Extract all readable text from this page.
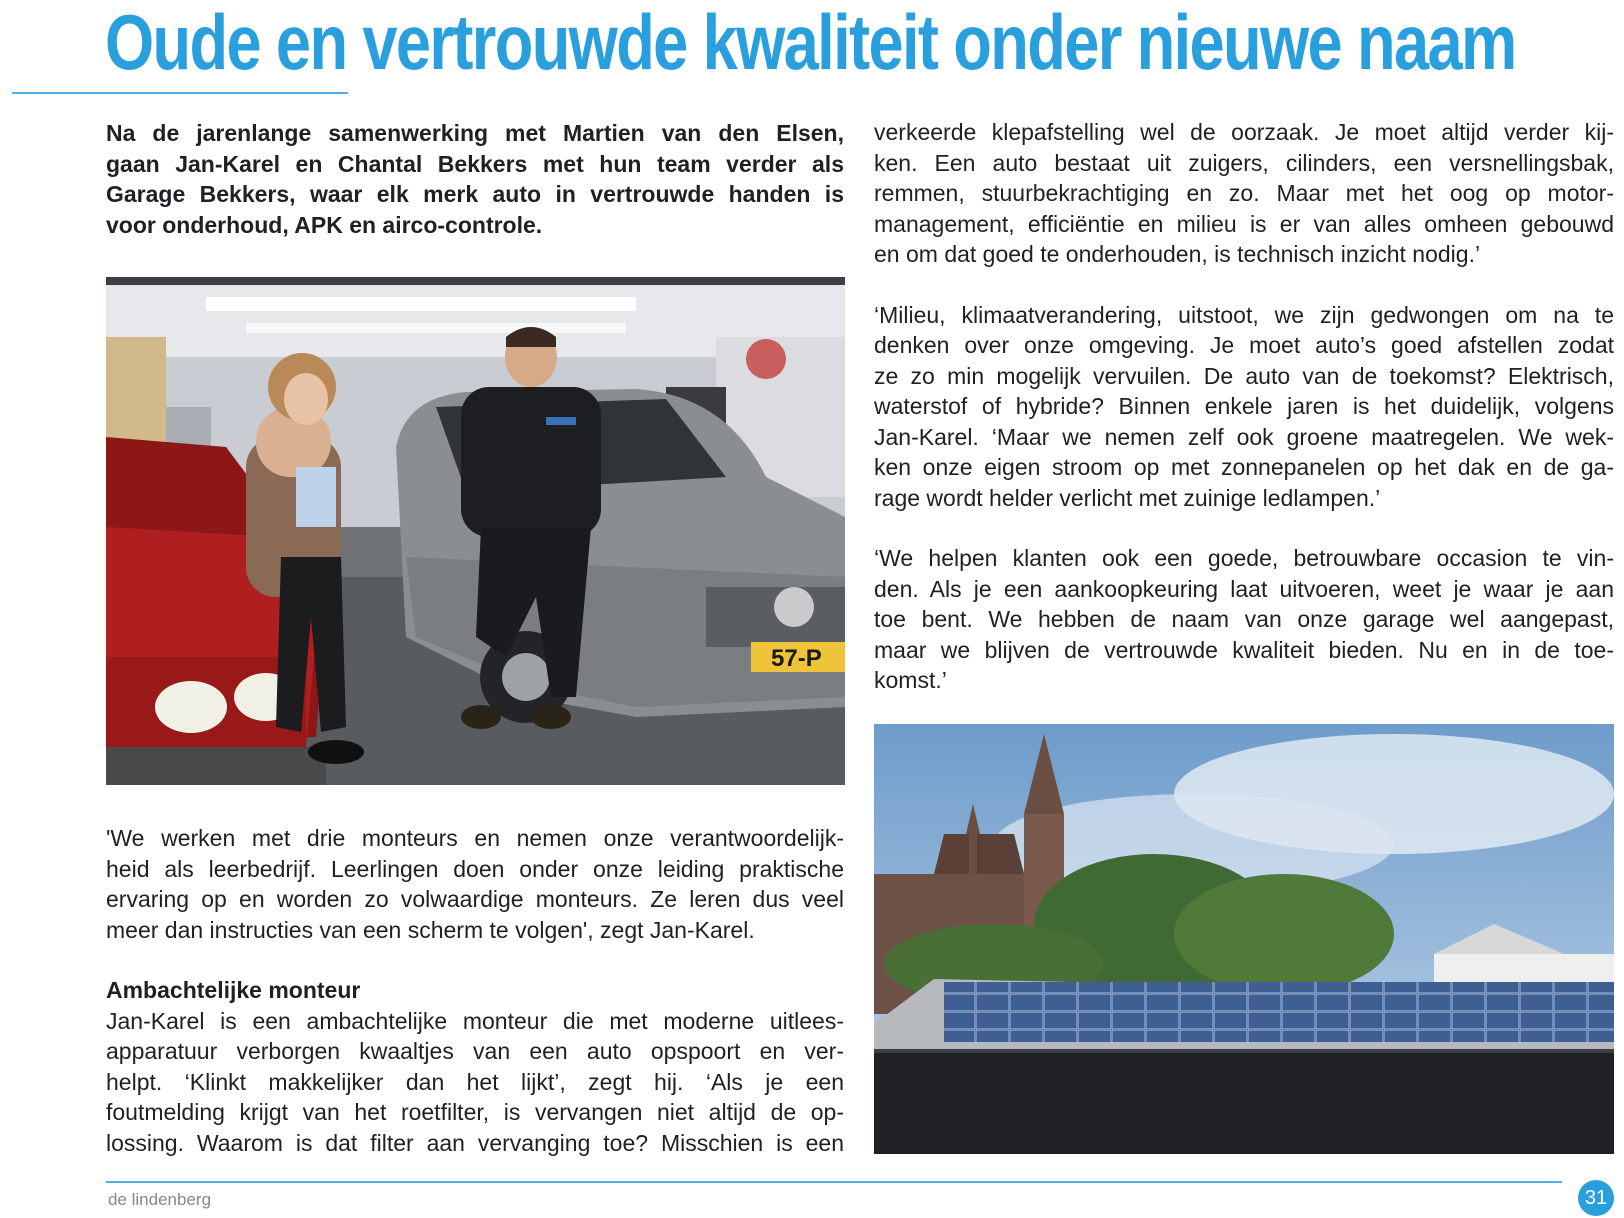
Oude en vertrouwde kwaliteit onder nieuwe naam

Na de jarenlange samenwerking met Martien van den Elsen,

gaan Jan-Karel en Chantal Bekkers met hun team verder als

Garage Bekkers, waar elk merk auto in vertrouwde handen is

voor onderhoud, APK en airco-controle.

57-P

'We werken met drie monteurs en nemen onze verantwoordelijk-

heid als leerbedrijf. Leerlingen doen onder onze leiding praktische

ervaring op en worden zo volwaardige monteurs. Ze leren dus veel

meer dan instructies van een scherm te volgen', zegt Jan-Karel.

Ambachtelijke monteur

Jan-Karel is een ambachtelijke monteur die met moderne uitlees-

apparatuur verborgen kwaaltjes van een auto opspoort en ver-

helpt. ‘Klinkt makkelijker dan het lijkt’, zegt hij. ‘Als je een

foutmelding krijgt van het roetfilter, is vervangen niet altijd de op-

lossing. Waarom is dat filter aan vervanging toe? Misschien is een

verkeerde klepafstelling wel de oorzaak. Je moet altijd verder kij-

ken. Een auto bestaat uit zuigers, cilinders, een versnellingsbak,

remmen, stuurbekrachtiging en zo. Maar met het oog op motor-

management, efficiëntie en milieu is er van alles omheen gebouwd

en om dat goed te onderhouden, is technisch inzicht nodig.’

‘Milieu, klimaatverandering, uitstoot, we zijn gedwongen om na te

denken over onze omgeving. Je moet auto’s goed afstellen zodat

ze zo min mogelijk vervuilen. De auto van de toekomst? Elektrisch,

waterstof of hybride? Binnen enkele jaren is het duidelijk, volgens

Jan-Karel. ‘Maar we nemen zelf ook groene maatregelen. We wek-

ken onze eigen stroom op met zonnepanelen op het dak en de ga-

rage wordt helder verlicht met zuinige ledlampen.’

‘We helpen klanten ook een goede, betrouwbare occasion te vin-

den. Als je een aankoopkeuring laat uitvoeren, weet je waar je aan

toe bent. We hebben de naam van onze garage wel aangepast,

maar we blijven de vertrouwde kwaliteit bieden. Nu en in de toe-

komst.’

de lindenberg	31
